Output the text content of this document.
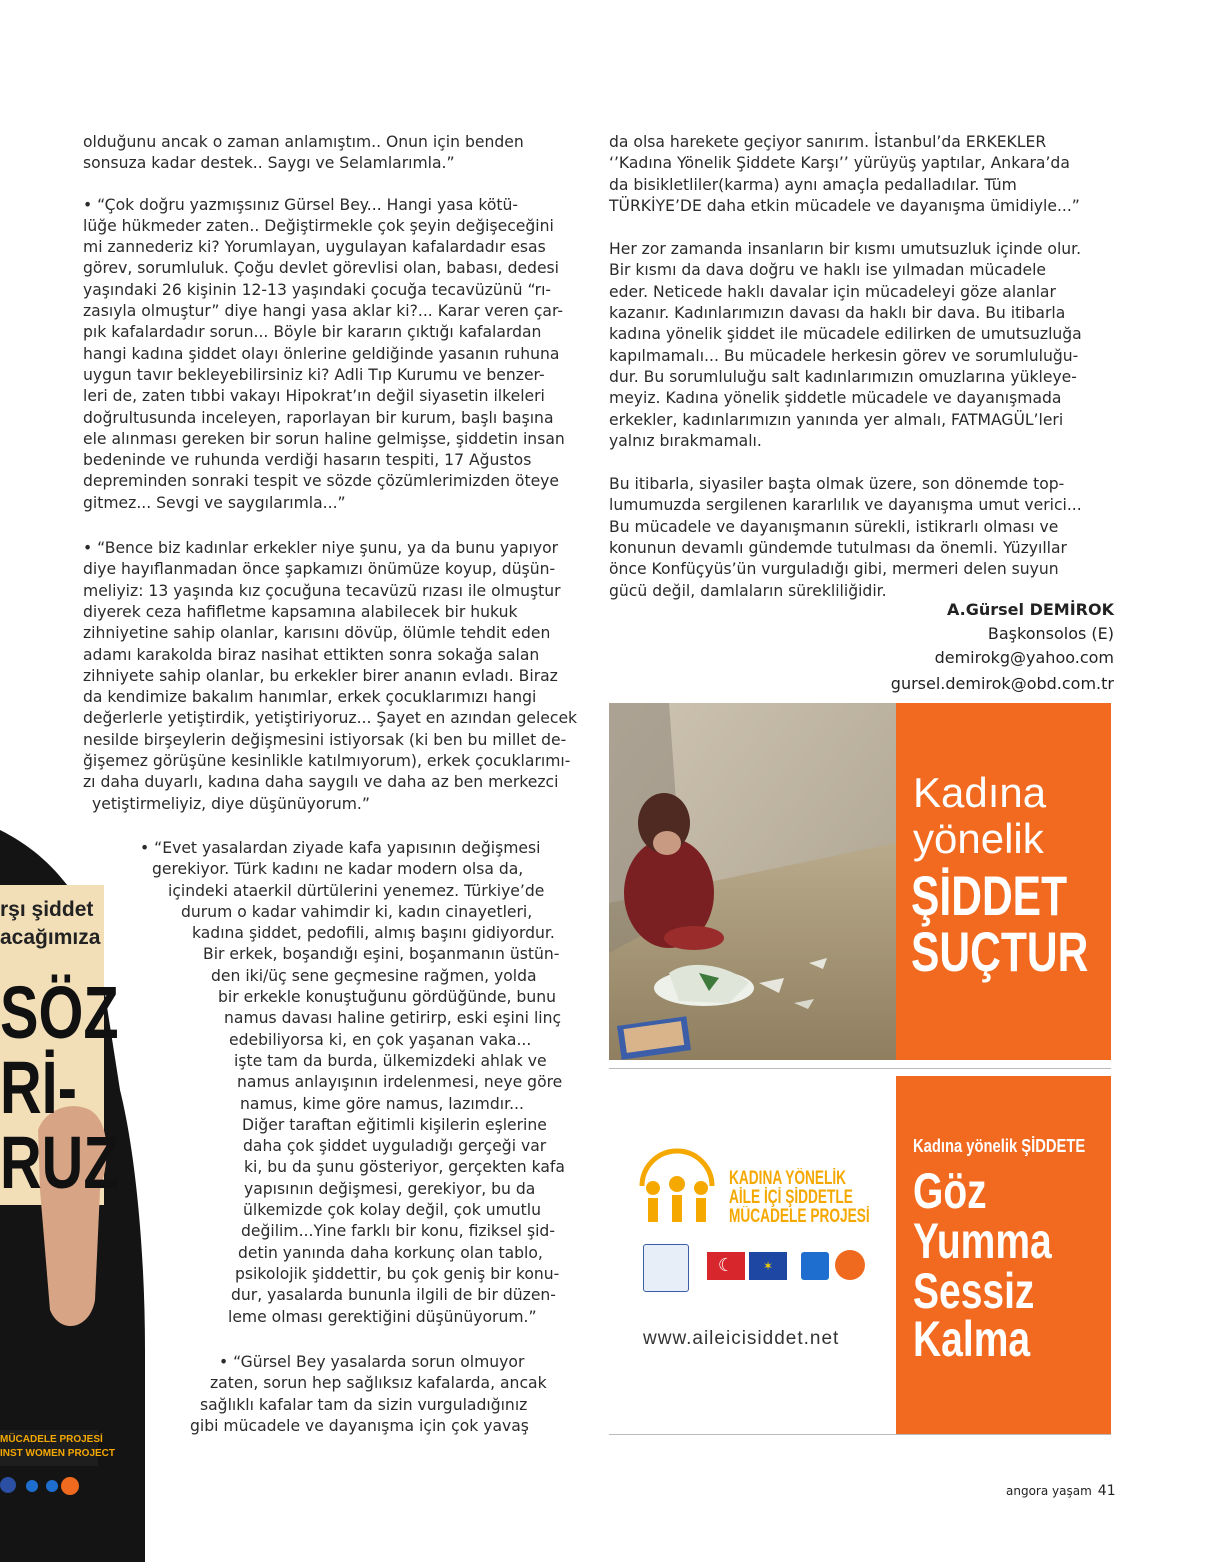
rşı şiddet
acağımıza
SÖZ
Rİ-
RUZ
MÜCADELE PROJESİ
INST WOMEN PROJECT

olduğunu ancak o zaman anlamıştım.. Onun için benden
sonsuza kadar destek.. Saygı ve Selamlarımla.”

• “Çok doğru yazmışsınız Gürsel Bey... Hangi yasa kötü-
lüğe hükmeder zaten.. Değiştirmekle çok şeyin değişeceğini
mi zannederiz ki? Yorumlayan, uygulayan kafalardadır esas
görev, sorumluluk. Çoğu devlet görevlisi olan, babası, dedesi
yaşındaki 26 kişinin 12-13 yaşındaki çocuğa tecavüzünü “rı-
zasıyla olmuştur” diye hangi yasa aklar ki?... Karar veren çar-
pık kafalardadır sorun... Böyle bir kararın çıktığı kafalardan
hangi kadına şiddet olayı önlerine geldiğinde yasanın ruhuna
uygun tavır bekleyebilirsiniz ki? Adli Tıp Kurumu ve benzer-
leri de, zaten tıbbi vakayı Hipokrat’ın değil siyasetin ilkeleri
doğrultusunda inceleyen, raporlayan bir kurum, başlı başına
ele alınması gereken bir sorun haline gelmişse, şiddetin insan
bedeninde ve ruhunda verdiği hasarın tespiti, 17 Ağustos
depreminden sonraki tespit ve sözde çözümlerimizden öteye
gitmez... Sevgi ve saygılarımla...”

• “Bence biz kadınlar erkekler niye şunu, ya da bunu yapıyor
diye hayıflanmadan önce şapkamızı önümüze koyup, düşün-
meliyiz: 13 yaşında kız çocuğuna tecavüzü rızası ile olmuştur
diyerek ceza hafifletme kapsamına alabilecek bir hukuk
zihniyetine sahip olanlar, karısını dövüp, ölümle tehdit eden
adamı karakolda biraz nasihat ettikten sonra sokağa salan
zihniyete sahip olanlar, bu erkekler birer ananın evladı. Biraz
da kendimize bakalım hanımlar, erkek çocuklarımızı hangi
değerlerle yetiştirdik, yetiştiriyoruz... Şayet en azından gelecek
nesilde birşeylerin değişmesini istiyorsak (ki ben bu millet de-
ğişemez görüşüne kesinlikle katılmıyorum), erkek çocuklarımı-
zı daha duyarlı, kadına daha saygılı ve daha az ben merkezci
yetiştirmeliyiz, diye düşünüyorum.”

• “Evet yasalardan ziyade kafa yapısının değişmesi
gerekiyor. Türk kadını ne kadar modern olsa da,
içindeki ataerkil dürtülerini yenemez. Türkiye’de
durum o kadar vahimdir ki, kadın cinayetleri,
kadına şiddet, pedofili, almış başını gidiyordur.
Bir erkek, boşandığı eşini, boşanmanın üstün-
den iki/üç sene geçmesine rağmen, yolda
bir erkekle konuştuğunu gördüğünde, bunu
namus davası haline getirirp, eski eşini linç
edebiliyorsa ki, en çok yaşanan vaka...
işte tam da burda, ülkemizdeki ahlak ve
namus anlayışının irdelenmesi, neye göre
namus, kime göre namus, lazımdır...
Diğer taraftan eğitimli kişilerin eşlerine
daha çok şiddet uyguladığı gerçeği var
ki, bu da şunu gösteriyor, gerçekten kafa
yapısının değişmesi, gerekiyor, bu da
ülkemizde çok kolay değil, çok umutlu
değilim...Yine farklı bir konu, fiziksel şid-
detin yanında daha korkunç olan tablo,
psikolojik şiddettir, bu çok geniş bir konu-
dur, yasalarda bununla ilgili de bir düzen-
leme olması gerektiğini düşünüyorum.”
• “Gürsel Bey yasalarda sorun olmuyor
zaten, sorun hep sağlıksız kafalarda, ancak
sağlıklı kafalar tam da sizin vurguladığınız
gibi mücadele ve dayanışma için çok yavaş

da olsa harekete geçiyor sanırım. İstanbul’da ERKEKLER
‘’Kadına Yönelik Şiddete Karşı’’ yürüyüş yaptılar, Ankara’da
da bisikletliler(karma) aynı amaçla pedalladılar. Tüm
TÜRKİYE’DE daha etkin mücadele ve dayanışma ümidiyle...”

Her zor zamanda insanların bir kısmı umutsuzluk içinde olur.
Bir kısmı da dava doğru ve haklı ise yılmadan mücadele
eder. Neticede haklı davalar için mücadeleyi göze alanlar
kazanır. Kadınlarımızın davası da haklı bir dava. Bu itibarla
kadına yönelik şiddet ile mücadele edilirken de umutsuzluğa
kapılmamalı... Bu mücadele herkesin görev ve sorumluluğu-
dur. Bu sorumluluğu salt kadınlarımızın omuzlarına yükleye-
meyiz. Kadına yönelik şiddetle mücadele ve dayanışmada
erkekler, kadınlarımızın yanında yer almalı, FATMAGÜL’leri
yalnız bırakmamalı.

Bu itibarla, siyasiler başta olmak üzere, son dönemde top-
lumumuzda sergilenen kararlılık ve dayanışma umut verici...
Bu mücadele ve dayanışmanın sürekli, istikrarlı olması ve
konunun devamlı gündemde tutulması da önemli. Yüzyıllar
önce Konfüçyüs’ün vurguladığı gibi, mermeri delen suyun
gücü değil, damlaların sürekliliğidir.

A.Gürsel DEMİROK
Başkonsolos (E)
demirokg@yahoo.com
gursel.demirok@obd.com.tr
Kadına
yönelik
ŞİDDET
SUÇTUR
KADINA YÖNELİK
AİLE İÇİ ŞİDDETLE
MÜCADELE PROJESİ
☾	✶
www.aileicisiddet.net
Kadına yönelik ŞİDDETE
Göz
Yumma
Sessiz
Kalma
angora yaşam 41
